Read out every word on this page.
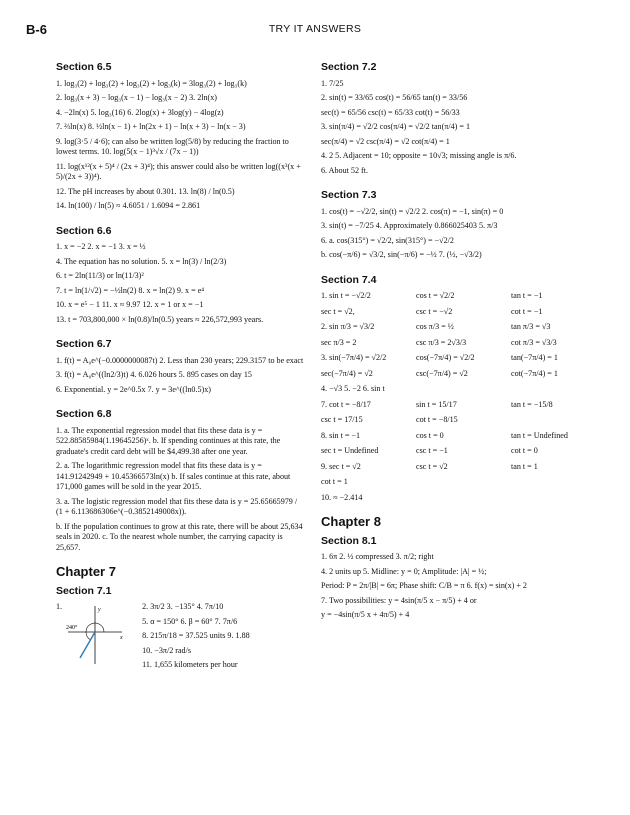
B-6	TRY IT ANSWERS
Section 6.5
1. log₃(2) + log₃(2) + log₃(2) + log₃(k) = 3log₃(2) + log₃(k)
2. log₃(x + 3) − log₃(x − 1) − log₃(x − 2) 3. 2ln(x)
4. −2ln(x) 5. log₃(16) 6. 2log(x) + 3log(y) − 4log(z)
7. ⅔ln(x) 8. ½ln(x − 1) + ln(2x + 1) − ln(x + 3) − ln(x − 3)
9. log(3·5 / 4·6); can also be written log(5/8) by reducing the fraction to lowest terms. 10. log(5(x − 1)³√x / (7x − 1))
11. log(x¹²(x + 5)⁴ / (2x + 3)⁴); this answer could also be written log((x³(x + 5)/(2x + 3))⁴).
12. The pH increases by about 0.301. 13. ln(8) / ln(0.5)
14. ln(100) / ln(5) ≈ 4.6051 / 1.6094 = 2.861
Section 6.6
1. x = −2 2. x = −1 3. x = ½
4. The equation has no solution. 5. x = ln(3) / ln(2/3)
6. t = 2ln(11/3) or ln(11/3)²
7. t = ln(1/√2) = −½ln(2) 8. x = ln(2) 9. x = e⁴
10. x = e⁵ − 1 11. x ≈ 9.97 12. x = 1 or x = −1
13. t = 703,800,000 × ln(0.8)/ln(0.5) years ≈ 226,572,993 years.
Section 6.7
1. f(t) = A₀e^(−0.0000000087t) 2. Less than 230 years; 229.3157 to be exact
3. f(t) = A₀e^((ln2/3)t) 4. 6.026 hours 5. 895 cases on day 15
6. Exponential. y = 2e^0.5x 7. y = 3e^((ln0.5)x)
Section 6.8
1. a. The exponential regression model that fits these data is y = 522.88585984(1.19645256)ˣ. b. If spending continues at this rate, the graduate's credit card debt will be $4,499.38 after one year.
2. a. The logarithmic regression model that fits these data is y = 141.91242949 + 10.45366573ln(x) b. If sales continue at this rate, about 171,000 games will be sold in the year 2015.
3. a. The logistic regression model that fits these data is y = 25.65665979 / (1 + 6.113686306e^(−0.3852149008x)).
b. If the population continues to grow at this rate, there will be about 25,634 seals in 2020. c. To the nearest whole number, the carrying capacity is 25,657.
Chapter 7
Section 7.1
1.	y
x
240°
2. 3π/2 3. −135° 4. 7π/10
5. α = 150° 6. β = 60° 7. 7π/6
8. 215π/18 = 37.525 units 9. 1.88
10. −3π/2 rad/s
11. 1,655 kilometers per hour
Section 7.2
1. 7/25
2. sin(t) = 33/65 cos(t) = 56/65 tan(t) = 33/56
sec(t) = 65/56 csc(t) = 65/33 cot(t) = 56/33
3. sin(π/4) = √2/2 cos(π/4) = √2/2 tan(π/4) = 1
sec(π/4) = √2 csc(π/4) = √2 cot(π/4) = 1
4. 2 5. Adjacent = 10; opposite = 10√3; missing angle is π/6.
6. About 52 ft.
Section 7.3
1. cos(t) = −√2/2, sin(t) = √2/2 2. cos(π) = −1, sin(π) = 0
3. sin(t) = −7/25 4. Approximately 0.866025403 5. π/3
6. a. cos(315°) = √2/2, sin(315°) = −√2/2
b. cos(−π/6) = √3/2, sin(−π/6) = −½ 7. (½, −√3/2)
Section 7.4
1. sin t = −√2/2	cos t = √2/2	tan t = −1
sec t = √2,	csc t = −√2	cot t = −1
2. sin π/3 = √3/2	cos π/3 = ½	tan π/3 = √3
sec π/3 = 2	csc π/3 = 2√3/3	cot π/3 = √3/3
3. sin(−7π/4) = √2/2	cos(−7π/4) = √2/2	tan(−7π/4) = 1
sec(−7π/4) = √2	csc(−7π/4) = √2	cot(−7π/4) = 1
4. −√3 5. −2 6. sin t
7. cot t = −8/17	sin t = 15/17	tan t = −15/8
csc t = 17/15	cot t = −8/15
8. sin t = −1	cos t = 0	tan t = Undefined
sec t = Undefined	csc t = −1	cot t = 0
9. sec t = √2	csc t = √2	tan t = 1
cot t = 1
10. ≈ −2.414
Chapter 8
Section 8.1
1. 6π 2. ½ compressed 3. π/2; right
4. 2 units up 5. Midline: y = 0; Amplitude: |A| = ½;
Period: P = 2π/|B| = 6π; Phase shift: C/B = π 6. f(x) = sin(x) + 2
7. Two possibilities: y = 4sin(π/5 x − π/5) + 4 or
y = −4sin(π/5 x + 4π/5) + 4
